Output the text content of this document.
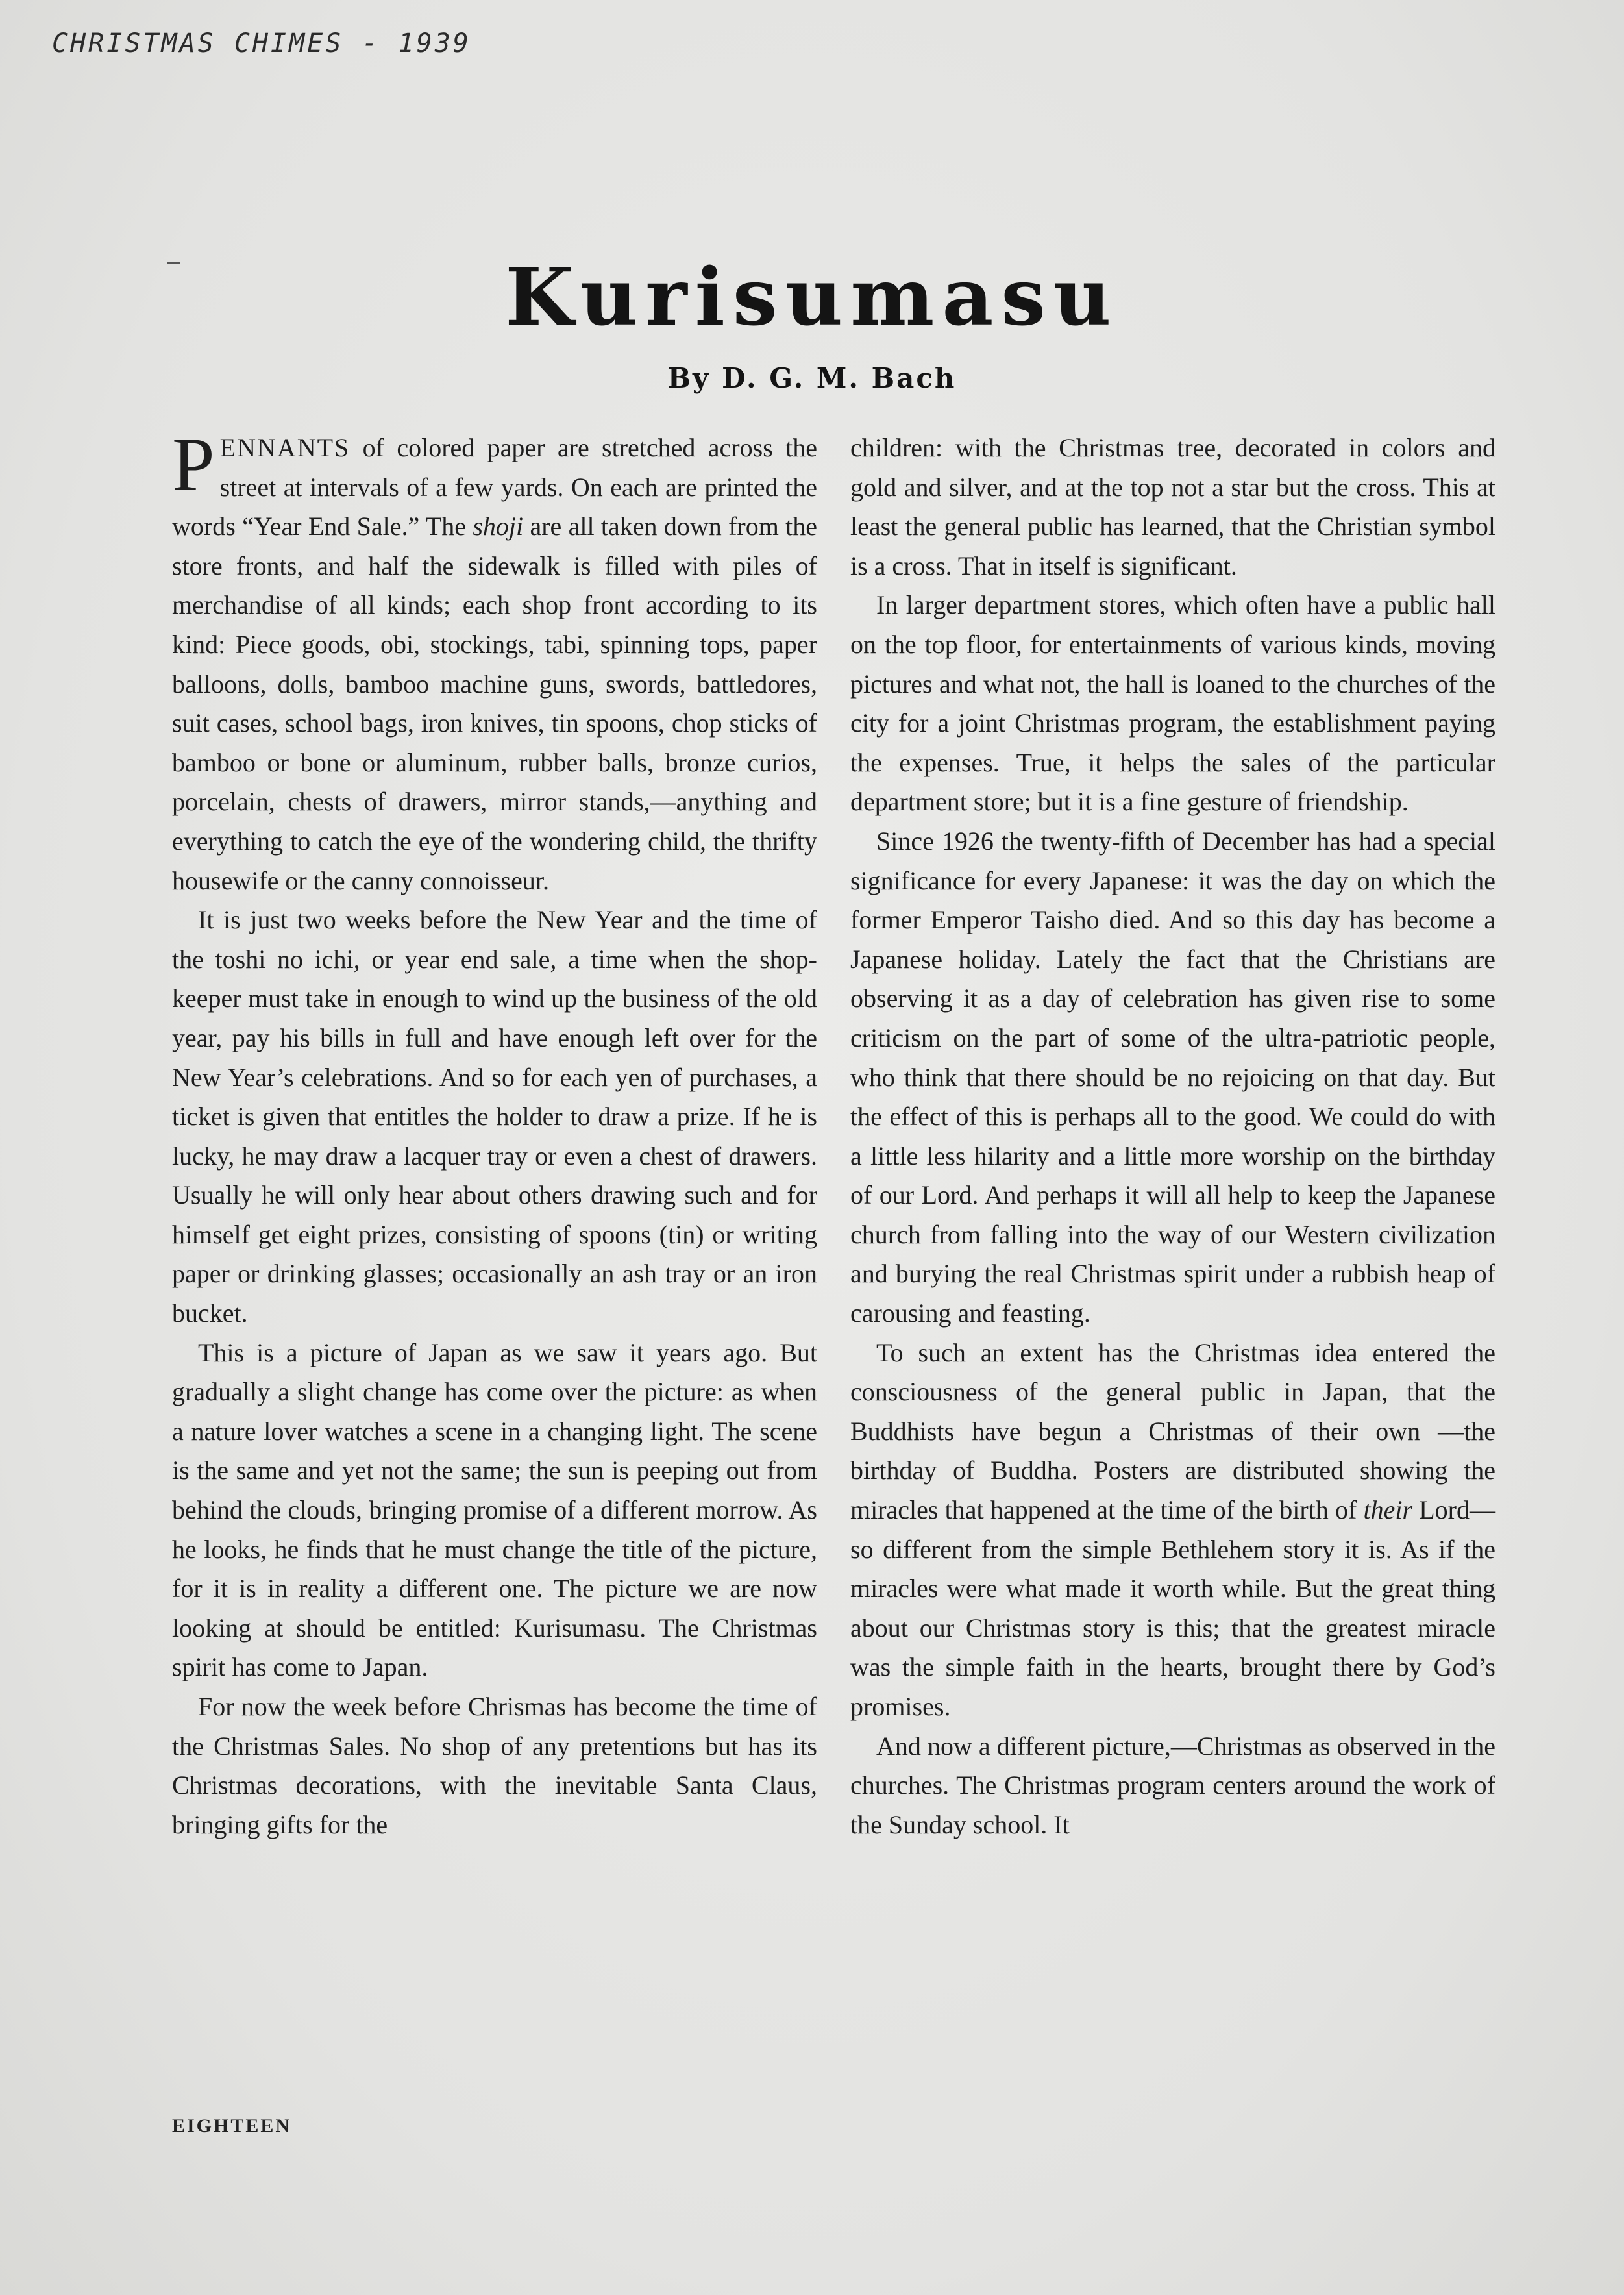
CHRISTMAS CHIMES - 1939
Kurisumasu
By D. G. M. Bach

PENNANTS of colored paper are stretched across the street at intervals of a few yards. On each are printed the words “Year End Sale.” The shoji are all taken down from the store fronts, and half the sidewalk is filled with piles of merchandise of all kinds; each shop front according to its kind: Piece goods, obi, stockings, tabi, spinning tops, paper balloons, dolls, bamboo machine guns, swords, battledores, suit cases, school bags, iron knives, tin spoons, chop sticks of bamboo or bone or aluminum, rubber balls, bronze curios, porcelain, chests of drawers, mirror stands,—anything and everything to catch the eye of the wondering child, the thrifty housewife or the canny connoisseur.

It is just two weeks before the New Year and the time of the toshi no ichi, or year end sale, a time when the shop-keeper must take in enough to wind up the business of the old year, pay his bills in full and have enough left over for the New Year’s celebrations. And so for each yen of purchases, a ticket is given that entitles the holder to draw a prize. If he is lucky, he may draw a lacquer tray or even a chest of drawers. Usually he will only hear about others drawing such and for himself get eight prizes, consisting of spoons (tin) or writing paper or drinking glasses; occasionally an ash tray or an iron bucket.

This is a picture of Japan as we saw it years ago. But gradually a slight change has come over the picture: as when a nature lover watches a scene in a changing light. The scene is the same and yet not the same; the sun is peeping out from behind the clouds, bringing promise of a different morrow. As he looks, he finds that he must change the title of the picture, for it is in reality a different one. The picture we are now looking at should be entitled: Kurisumasu. The Christmas spirit has come to Japan.

For now the week before Chrismas has become the time of the Christmas Sales. No shop of any pretentions but has its Christmas decorations, with the inevitable Santa Claus, bringing gifts for the

children: with the Christmas tree, decorated in colors and gold and silver, and at the top not a star but the cross. This at least the general public has learned, that the Christian symbol is a cross. That in itself is significant.

In larger department stores, which often have a public hall on the top floor, for entertainments of various kinds, moving pictures and what not, the hall is loaned to the churches of the city for a joint Christmas program, the establishment paying the expenses. True, it helps the sales of the particular department store; but it is a fine gesture of friendship.

Since 1926 the twenty-fifth of December has had a special significance for every Japanese: it was the day on which the former Emperor Taisho died. And so this day has become a Japanese holiday. Lately the fact that the Christians are observing it as a day of celebration has given rise to some criticism on the part of some of the ultra-patriotic people, who think that there should be no rejoicing on that day. But the effect of this is perhaps all to the good. We could do with a little less hilarity and a little more worship on the birthday of our Lord. And perhaps it will all help to keep the Japanese church from falling into the way of our Western civilization and burying the real Christmas spirit under a rubbish heap of carousing and feasting.

To such an extent has the Christmas idea entered the consciousness of the general public in Japan, that the Buddhists have begun a Christmas of their own —the birthday of Buddha. Posters are distributed showing the miracles that happened at the time of the birth of their Lord—so different from the simple Bethlehem story it is. As if the miracles were what made it worth while. But the great thing about our Christmas story is this; that the greatest miracle was the simple faith in the hearts, brought there by God’s promises.

And now a different picture,—Christmas as observed in the churches. The Christmas program centers around the work of the Sunday school. It

EIGHTEEN
